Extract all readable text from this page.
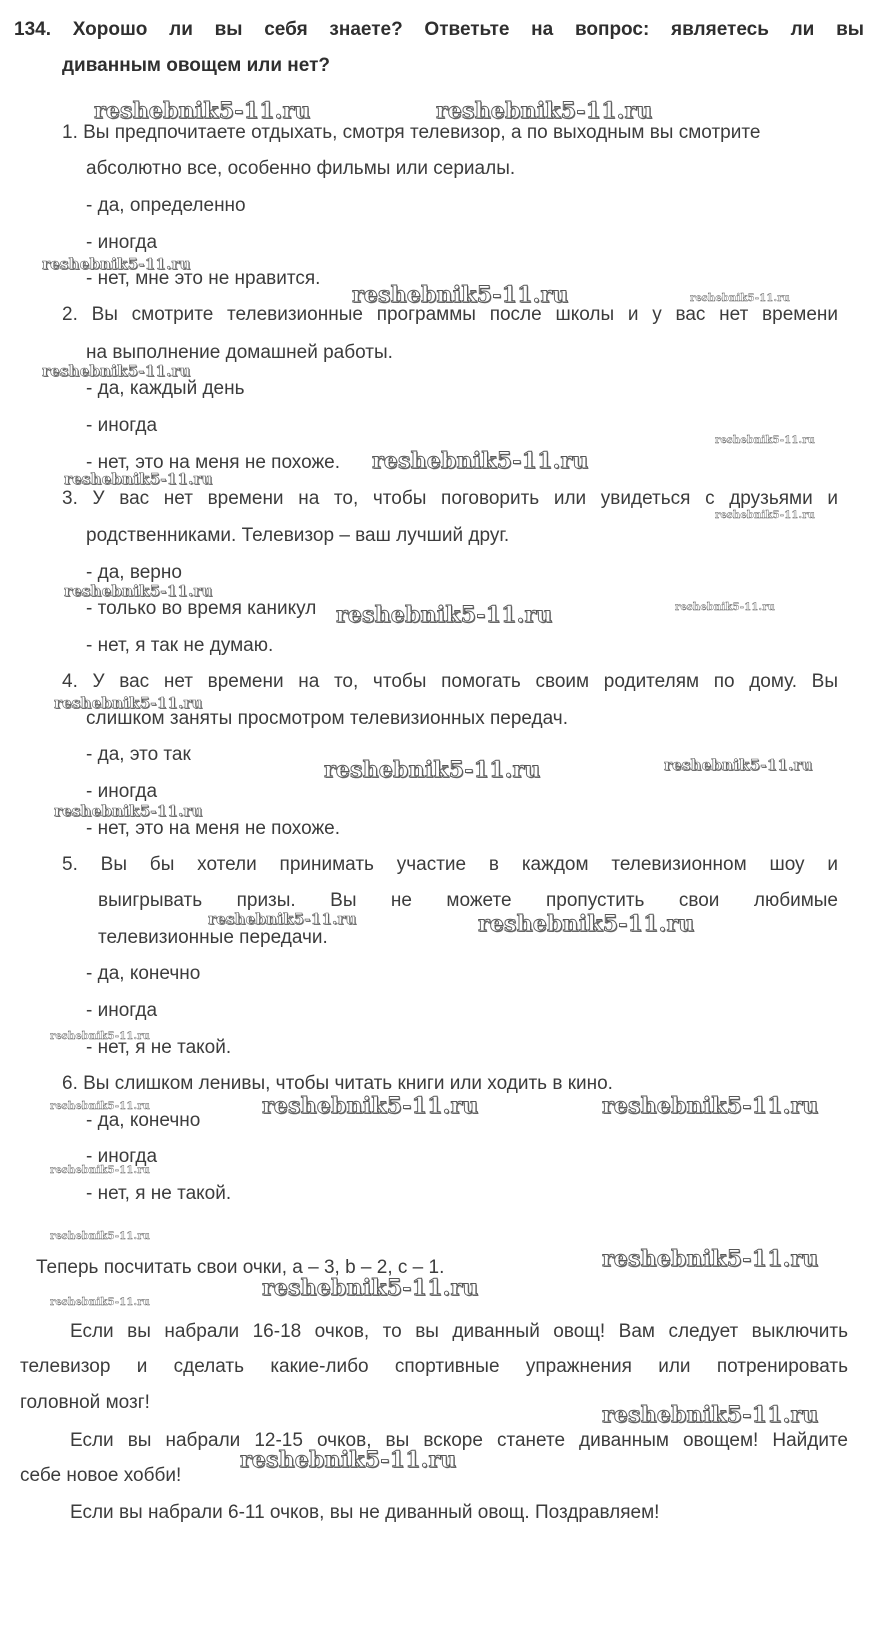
134. Хорошо ли вы себя знаете? Ответьте на вопрос: являетесь ли вы
диванным овощем или нет?
1. Вы предпочитаете отдыхать, смотря телевизор, а по выходным вы смотрите
абсолютно все, особенно фильмы или сериалы.
- да, определенно
- иногда
- нет, мне это не нравится.
2. Вы смотрите телевизионные программы после школы и у вас нет времени
на выполнение домашней работы.
- да, каждый день
- иногда
- нет, это на меня не похоже.
3. У вас нет времени на то, чтобы поговорить или увидеться с друзьями и
родственниками. Телевизор – ваш лучший друг.
- да, верно
- только во время каникул
- нет, я так не думаю.
4. У вас нет времени на то, чтобы помогать своим родителям по дому. Вы
слишком заняты просмотром телевизионных передач.
- да, это так
- иногда
- нет, это на меня не похоже.
5. Вы бы хотели принимать участие в каждом телевизионном шоу и
выигрывать призы. Вы не можете пропустить свои любимые
телевизионные передачи.
- да, конечно
- иногда
- нет, я не такой.
6. Вы слишком ленивы, чтобы читать книги или ходить в кино.
- да, конечно
- иногда
- нет, я не такой.
Теперь посчитать свои очки, a – 3, b – 2, c – 1.
Если вы набрали 16-18 очков, то вы диванный овощ! Вам следует выключить
телевизор и сделать какие-либо спортивные упражнения или потренировать
головной мозг!
Если вы набрали 12-15 очков, вы вскоре станете диванным овощем! Найдите
себе новое хобби!
Если вы набрали 6-11 очков, вы не диванный овощ. Поздравляем!
reshebnik5-11.ru	reshebnik5-11.ru
reshebnik5-11.ru
reshebnik5-11.ru	reshebnik5-11.ru
reshebnik5-11.ru
reshebnik5-11.ru
reshebnik5-11.ru
reshebnik5-11.ru
reshebnik5-11.ru
reshebnik5-11.ru
reshebnik5-11.ru	reshebnik5-11.ru
reshebnik5-11.ru
reshebnik5-11.ru	reshebnik5-11.ru
reshebnik5-11.ru
reshebnik5-11.ru	reshebnik5-11.ru
reshebnik5-11.ru
reshebnik5-11.ru	reshebnik5-11.ru
reshebnik5-11.ru
reshebnik5-11.ru
reshebnik5-11.ru
reshebnik5-11.ru
reshebnik5-11.ru
reshebnik5-11.ru
reshebnik5-11.ru
reshebnik5-11.ru
